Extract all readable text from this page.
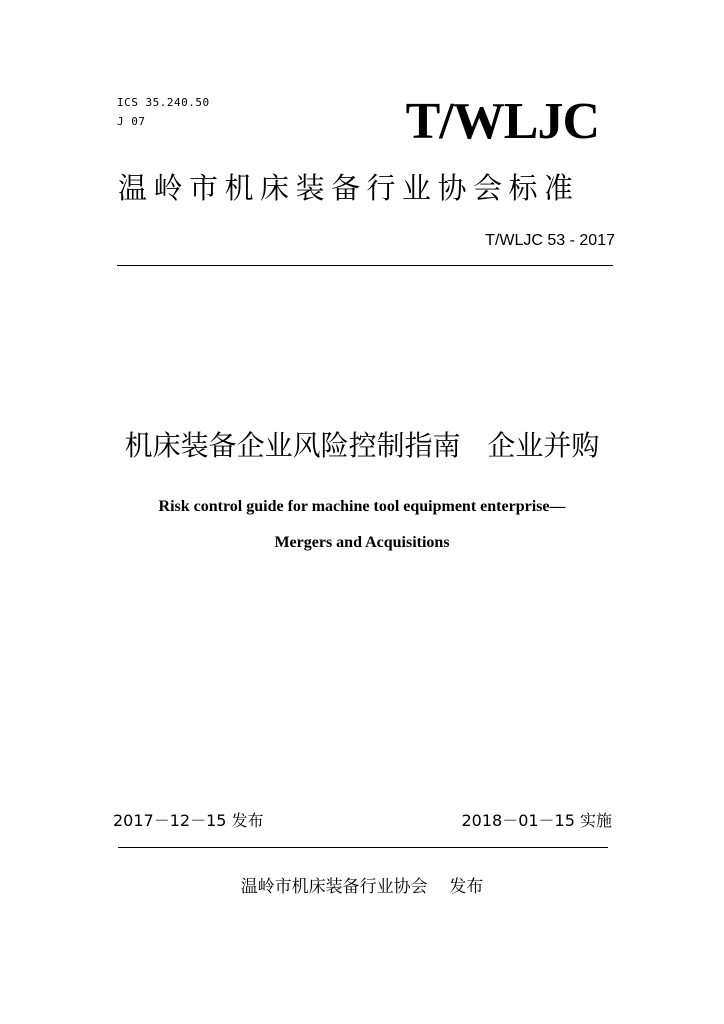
ICS 35.240.50
J 07	T/WLJC
温岭市机床装备行业协会标准
T/WLJC 53 - 2017
机床装备企业风险控制指南   企业并购
Risk control guide for machine tool equipment enterprise—
Mergers and Acquisitions
2017－12－15 发布	2018－01－15 实施
温岭市机床装备行业协会    发布
